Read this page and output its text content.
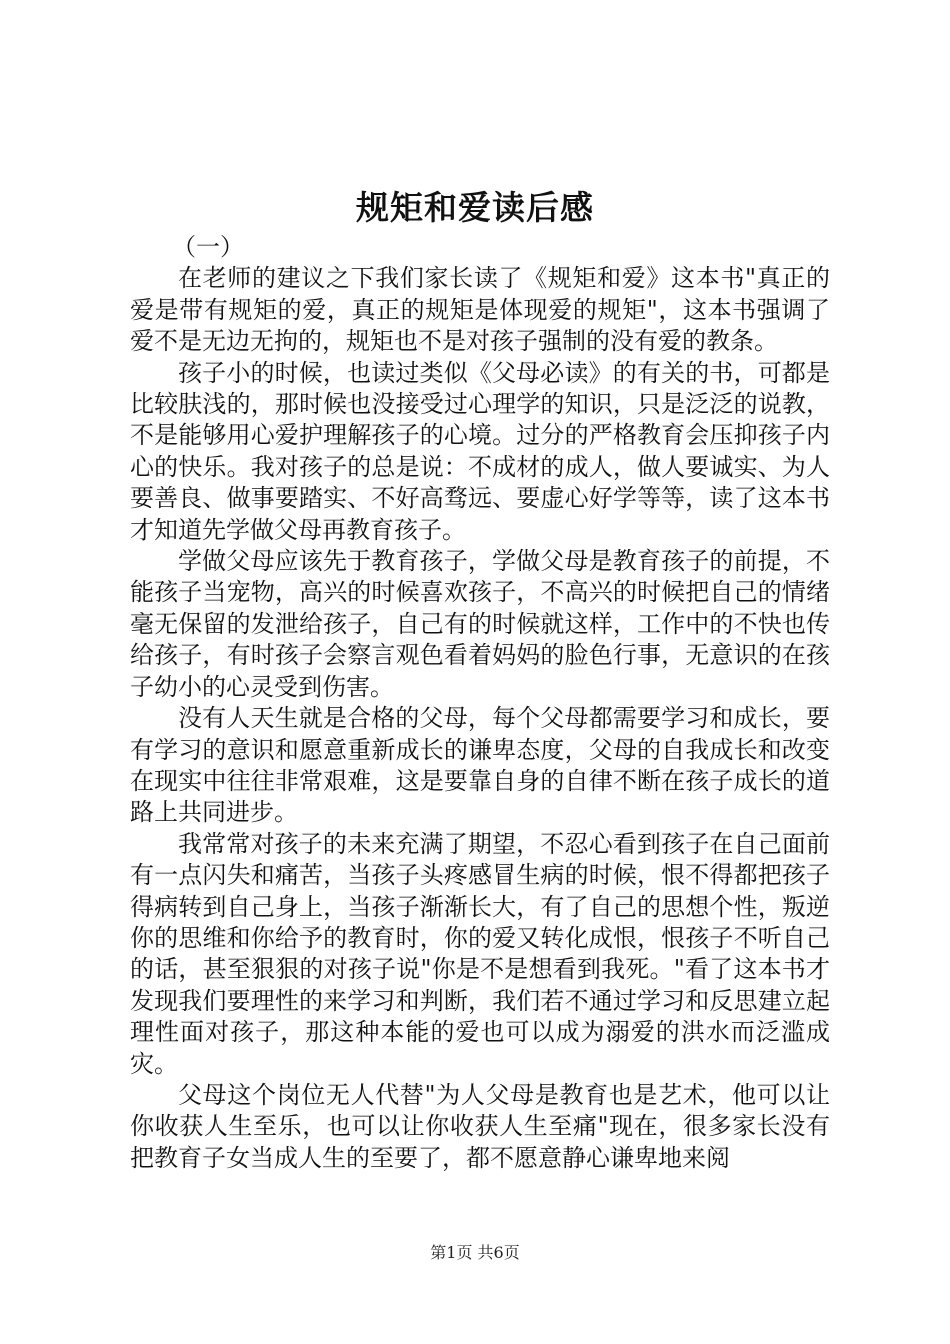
规矩和爱读后感
（一）

在老师的建议之下我们家长读了《规矩和爱》这本书"真正的爱是带有规矩的爱，真正的规矩是体现爱的规矩"，这本书强调了爱不是无边无拘的，规矩也不是对孩子强制的没有爱的教条。

孩子小的时候，也读过类似《父母必读》的有关的书，可都是比较肤浅的，那时候也没接受过心理学的知识，只是泛泛的说教，不是能够用心爱护理解孩子的心境。过分的严格教育会压抑孩子内心的快乐。我对孩子的总是说：不成材的成人，做人要诚实、为人要善良、做事要踏实、不好高骛远、要虚心好学等等，读了这本书才知道先学做父母再教育孩子。

学做父母应该先于教育孩子，学做父母是教育孩子的前提，不能孩子当宠物，高兴的时候喜欢孩子，不高兴的时候把自己的情绪毫无保留的发泄给孩子，自己有的时候就这样，工作中的不快也传给孩子，有时孩子会察言观色看着妈妈的脸色行事，无意识的在孩子幼小的心灵受到伤害。

没有人天生就是合格的父母，每个父母都需要学习和成长，要有学习的意识和愿意重新成长的谦卑态度，父母的自我成长和改变在现实中往往非常艰难，这是要靠自身的自律不断在孩子成长的道路上共同进步。

我常常对孩子的未来充满了期望，不忍心看到孩子在自己面前有一点闪失和痛苦，当孩子头疼感冒生病的时候，恨不得都把孩子得病转到自己身上，当孩子渐渐长大，有了自己的思想个性，叛逆你的思维和你给予的教育时，你的爱又转化成恨，恨孩子不听自己的话，甚至狠狠的对孩子说"你是不是想看到我死。"看了这本书才发现我们要理性的来学习和判断，我们若不通过学习和反思建立起理性面对孩子，那这种本能的爱也可以成为溺爱的洪水而泛滥成灾。

父母这个岗位无人代替"为人父母是教育也是艺术，他可以让你收获人生至乐，也可以让你收获人生至痛"现在，很多家长没有把教育子女当成人生的至要了，都不愿意静心谦卑地来阅

第1页 共6页
